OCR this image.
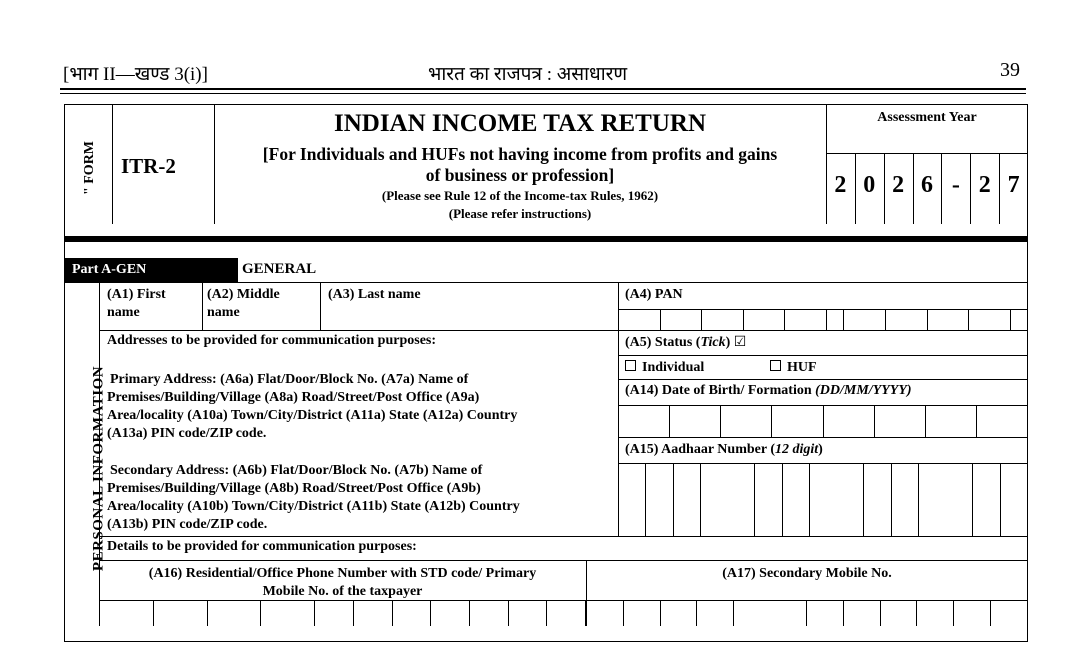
[भाग II—खण्ड 3(i)]	भारत का राजपत्र : असाधारण	39
" FORM ITR-2
INDIAN INCOME TAX RETURN
[For Individuals and HUFs not having income from profits and gains
of business or profession]
(Please see Rule 12 of the Income-tax Rules, 1962)
(Please refer instructions)
Assessment Year
2 0 2 6 - 2 7
Part A-GEN	GENERAL
PERSONAL INFORMATION
(A1) First
name
(A2) Middle
name
(A3) Last name	(A4) PAN
Addresses to be provided for communication purposes:
Primary Address: (A6a) Flat/Door/Block No. (A7a) Name of
Premises/Building/Village (A8a) Road/Street/Post Office (A9a)
Area/locality (A10a) Town/City/District (A11a) State (A12a) Country
(A13a) PIN code/ZIP code.
Secondary Address: (A6b) Flat/Door/Block No. (A7b) Name of
Premises/Building/Village (A8b) Road/Street/Post Office (A9b)
Area/locality (A10b) Town/City/District (A11b) State (A12b) Country
(A13b) PIN code/ZIP code.
(A5) Status (Tick) ☑
Individual	HUF
(A14) Date of Birth/ Formation (DD/MM/YYYY)
(A15) Aadhaar Number (12 digit)
Details to be provided for communication purposes:
(A16) Residential/Office Phone Number with STD code/ Primary
Mobile No. of the taxpayer
(A17) Secondary Mobile No.
